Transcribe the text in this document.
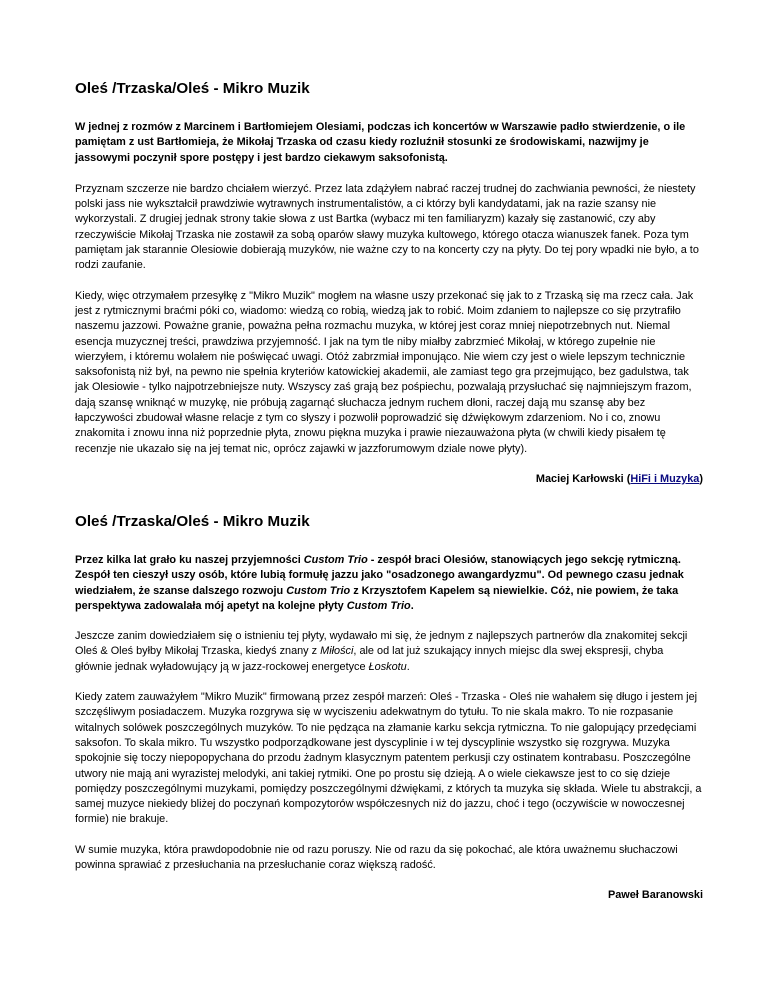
Oleś /Trzaska/Oleś - Mikro Muzik

W jednej z rozmów z Marcinem i Bartłomiejem Olesiami, podczas ich koncertów w Warszawie padło stwierdzenie, o ile pamiętam z ust Bartłomieja, że Mikołaj Trzaska od czasu kiedy rozluźnił stosunki ze środowiskami, nazwijmy je jassowymi poczynił spore postępy i jest bardzo ciekawym saksofonistą.

Przyznam szczerze nie bardzo chciałem wierzyć. Przez lata zdążyłem nabrać raczej trudnej do zachwiania pewności, że niestety polski jass nie wykształcił prawdziwie wytrawnych instrumentalistów, a ci którzy byli kandydatami, jak na razie szansy nie wykorzystali. Z drugiej jednak strony takie słowa z ust Bartka (wybacz mi ten familiaryzm) kazały się zastanowić, czy aby rzeczywiście Mikołaj Trzaska nie zostawił za sobą oparów sławy muzyka kultowego, którego otacza wianuszek fanek. Poza tym pamiętam jak starannie Olesiowie dobierają muzyków, nie ważne czy to na koncerty czy na płyty. Do tej pory wpadki nie było, a to rodzi zaufanie.

Kiedy, więc otrzymałem przesyłkę z "Mikro Muzik" mogłem na własne uszy przekonać się jak to z Trzaską się ma rzecz cała. Jak jest z rytmicznymi braćmi póki co, wiadomo: wiedzą co robią, wiedzą jak to robić. Moim zdaniem to najlepsze co się przytrafiło naszemu jazzowi. Poważne granie, poważna pełna rozmachu muzyka, w której jest coraz mniej niepotrzebnych nut. Niemal esencja muzycznej treści, prawdziwa przyjemność. I jak na tym tle niby miałby zabrzmieć Mikołaj, w którego zupełnie nie wierzyłem, i któremu wolałem nie poświęcać uwagi. Otóż zabrzmiał imponująco. Nie wiem czy jest o wiele lepszym technicznie saksofonistą niż był, na pewno nie spełnia kryteriów katowickiej akademii, ale zamiast tego gra przejmująco, bez gadulstwa, tak jak Olesiowie - tylko najpotrzebniejsze nuty. Wszyscy zaś grają bez pośpiechu, pozwalają przysłuchać się najmniejszym frazom, dają szansę wniknąć w muzykę, nie próbują zagarnąć słuchacza jednym ruchem dłoni, raczej dają mu szansę aby bez łapczywości zbudował własne relacje z tym co słyszy i pozwolił poprowadzić się dźwiękowym zdarzeniom. No i co, znowu znakomita i znowu inna niż poprzednie płyta, znowu piękna muzyka i prawie niezauważona płyta (w chwili kiedy pisałem tę recenzje nie ukazało się na jej temat nic, oprócz zajawki w jazzforumowym dziale nowe płyty).

Maciej Karłowski (HiFi i Muzyka)
Oleś /Trzaska/Oleś - Mikro Muzik

Przez kilka lat grało ku naszej przyjemności Custom Trio - zespół braci Olesiów, stanowiących jego sekcję rytmiczną. Zespół ten cieszył uszy osób, które lubią formułę jazzu jako "osadzonego awangardyzmu". Od pewnego czasu jednak wiedziałem, że szanse dalszego rozwoju Custom Trio z Krzysztofem Kapelem są niewielkie. Cóż, nie powiem, że taka perspektywa zadowalała mój apetyt na kolejne płyty Custom Trio.

Jeszcze zanim dowiedziałem się o istnieniu tej płyty, wydawało mi się, że jednym z najlepszych partnerów dla znakomitej sekcji Oleś & Oleś byłby Mikołaj Trzaska, kiedyś znany z Miłości, ale od lat już szukający innych miejsc dla swej ekspresji, chyba głównie jednak wyładowujący ją w jazz-rockowej energetyce Łoskotu.

Kiedy zatem zauważyłem "Mikro Muzik" firmowaną przez zespół marzeń: Oleś - Trzaska - Oleś nie wahałem się długo i jestem jej szczęśliwym posiadaczem. Muzyka rozgrywa się w wyciszeniu adekwatnym do tytułu. To nie skala makro. To nie rozpasanie witalnych solówek poszczególnych muzyków. To nie pędząca na złamanie karku sekcja rytmiczna. To nie galopujący przedęciami saksofon. To skala mikro. Tu wszystko podporządkowane jest dyscyplinie i w tej dyscyplinie wszystko się rozgrywa. Muzyka spokojnie się toczy niepopopychana do przodu żadnym klasycznym patentem perkusji czy ostinatem kontrabasu. Poszczególne utwory nie mają ani wyrazistej melodyki, ani takiej rytmiki. One po prostu się dzieją. A o wiele ciekawsze jest to co się dzieje pomiędzy poszczególnymi muzykami, pomiędzy poszczególnymi dźwiękami, z których ta muzyka się składa. Wiele tu abstrakcji, a samej muzyce niekiedy bliżej do poczynań kompozytorów współczesnych niż do jazzu, choć i tego (oczywiście w nowoczesnej formie) nie brakuje.

W sumie muzyka, która prawdopodobnie nie od razu poruszy. Nie od razu da się pokochać, ale która uważnemu słuchaczowi powinna sprawiać z przesłuchania na przesłuchanie coraz większą radość.

Paweł Baranowski
